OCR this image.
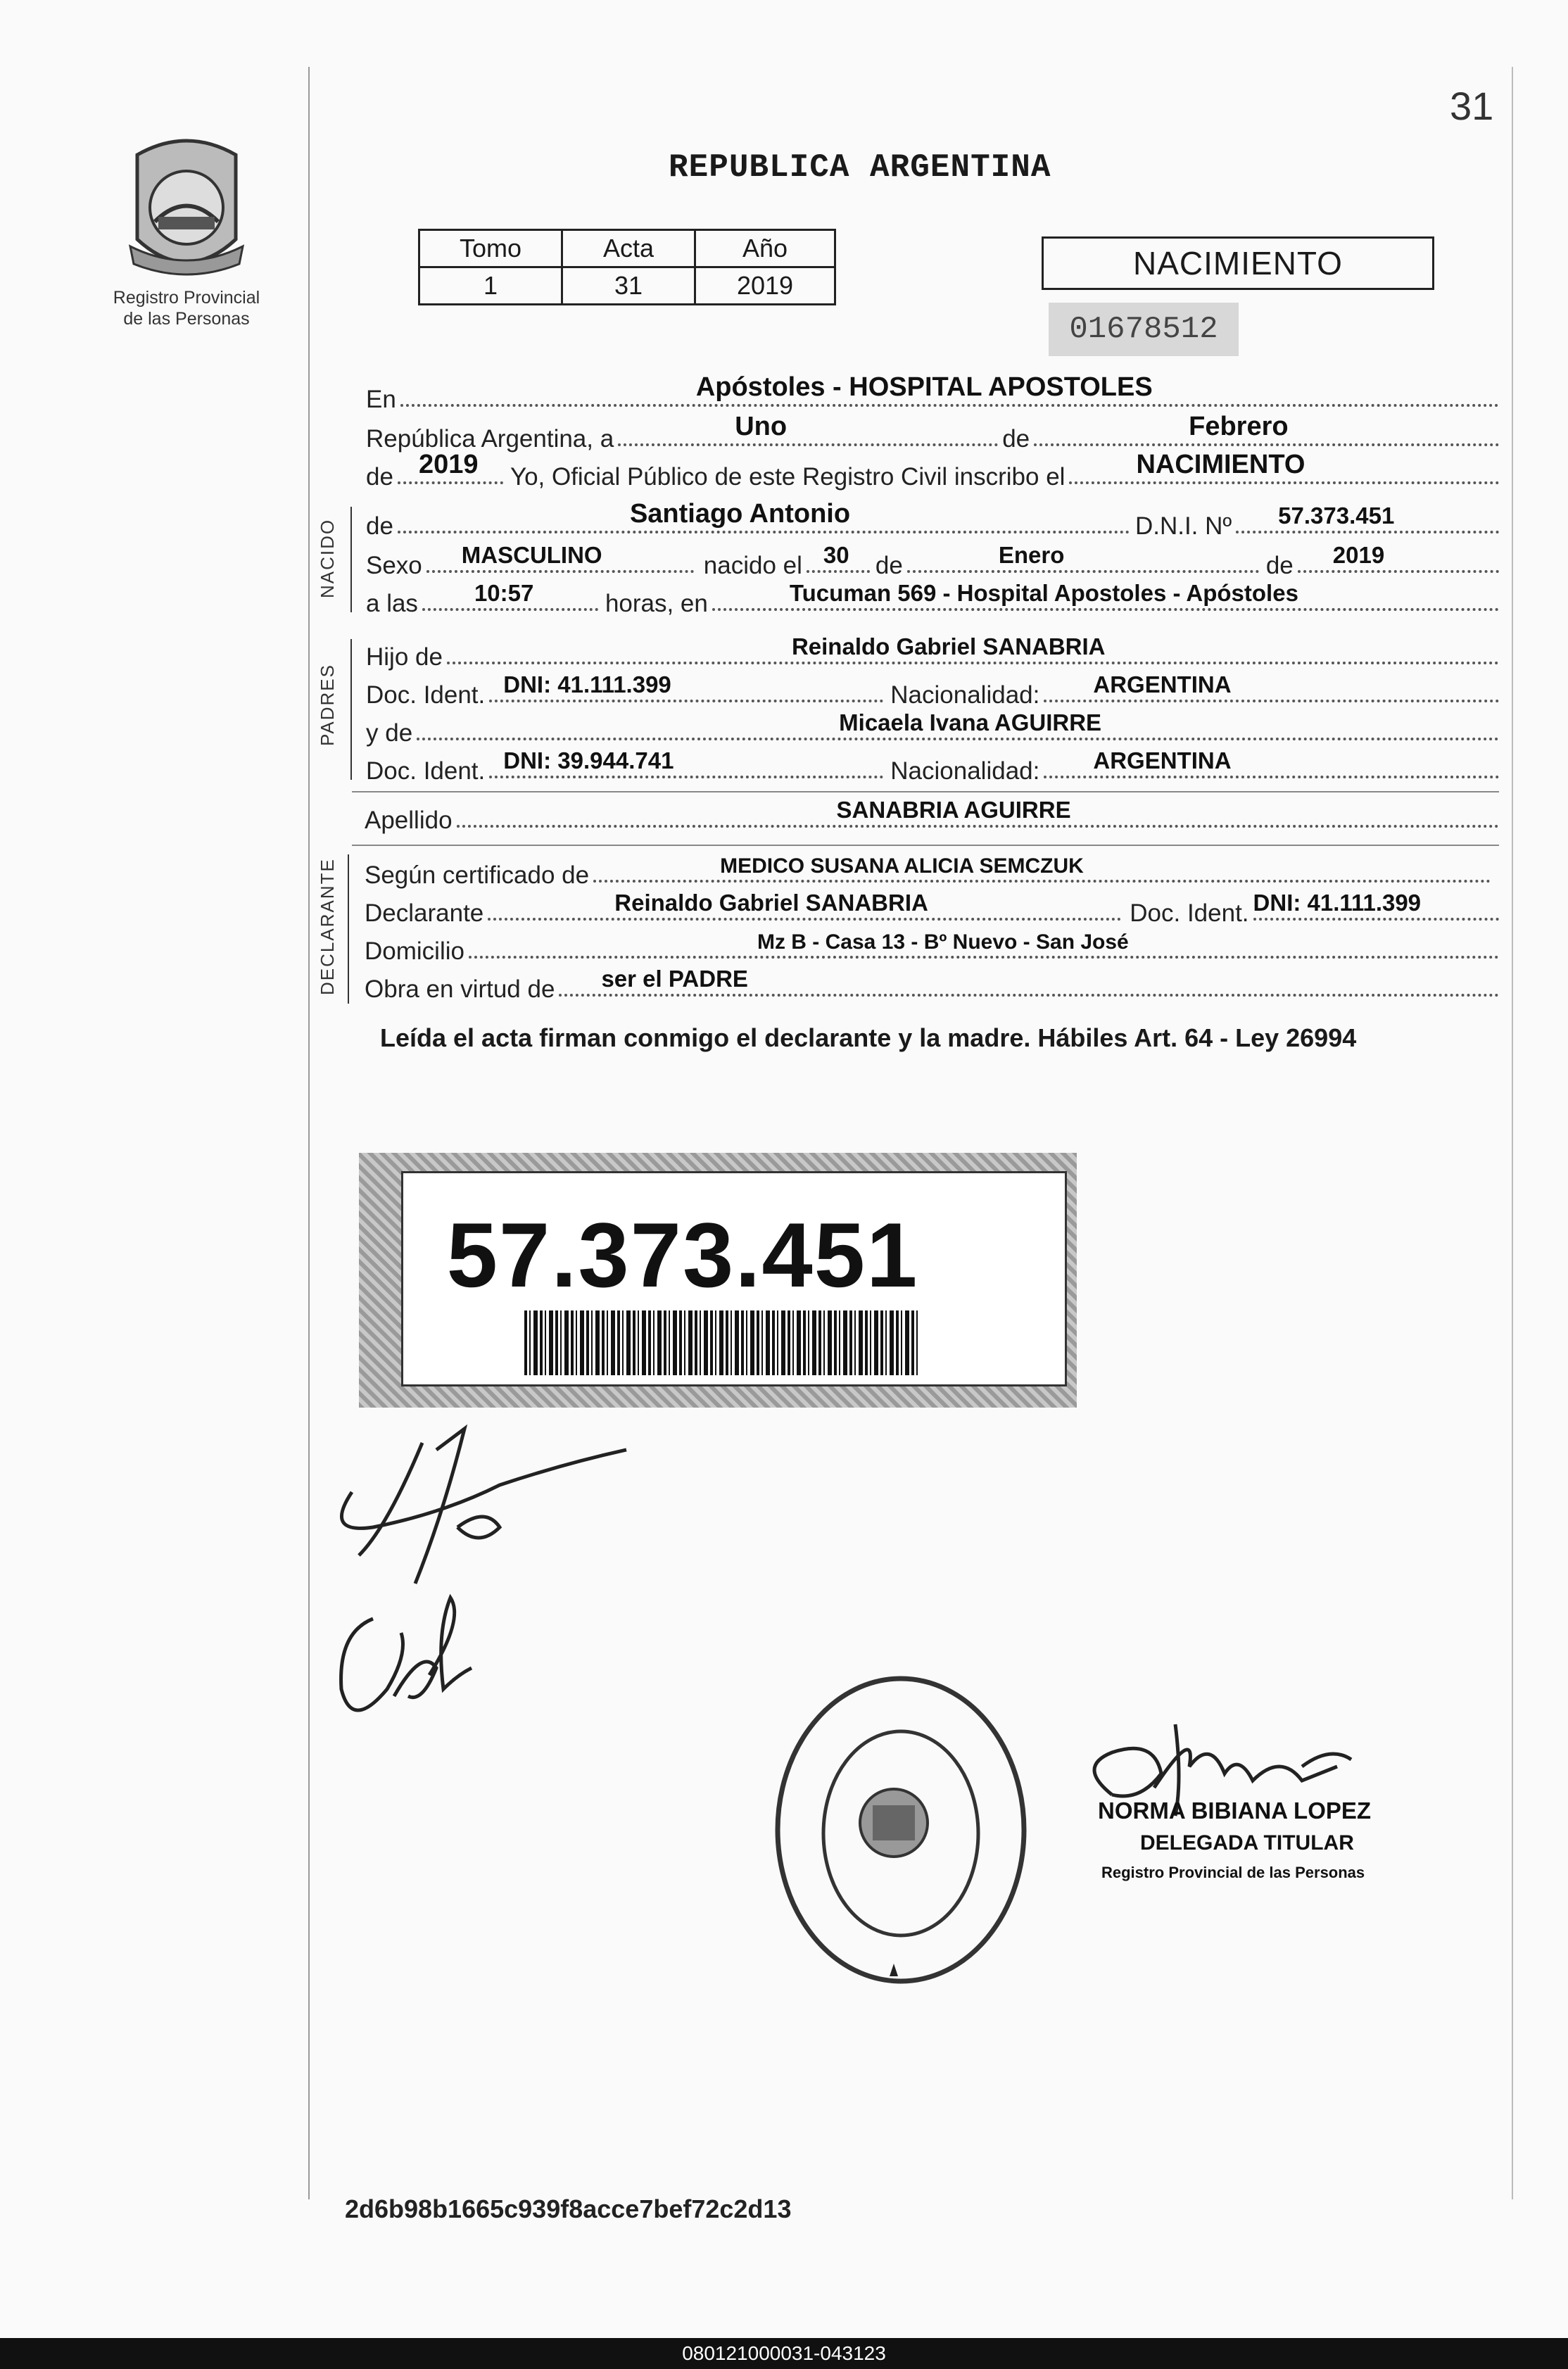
Registro Provincial
de las Personas
31
REPUBLICA ARGENTINA
Tomo	Acta	Año
1	31	2019
NACIMIENTO
01678512
En	Apóstoles - HOSPITAL APOSTOLES
República Argentina, a	Uno	de	Febrero
de 2019 Yo, Oficial Público de este Registro Civil inscribo el	NACIMIENTO
NACIDO de	Santiago Antonio	D.N.I. Nº 57.373.451
Sexo MASCULINO	nacido el 30 de	Enero	de 2019
a las 10:57	horas, en	Tucuman 569 - Hospital Apostoles - Apóstoles
PADRES
Hijo de	Reinaldo Gabriel SANABRIA
Doc. Ident. DNI: 41.111.399	Nacionalidad: ARGENTINA
y de	Micaela Ivana AGUIRRE
Doc. Ident. DNI: 39.944.741	Nacionalidad: ARGENTINA
Apellido	SANABRIA AGUIRRE
DECLARANTE Según certificado de	MEDICO SUSANA ALICIA SEMCZUK
Declarante	Reinaldo Gabriel SANABRIA	Doc. Ident. DNI: 41.111.399
Domicilio	Mz B - Casa 13 - Bº Nuevo - San José
Obra en virtud de ser el PADRE
Leída el acta firman conmigo el declarante y la madre. Hábiles Art. 64 - Ley 26994
57.373.451
NORMA BIBIANA LOPEZ
DELEGADA TITULAR
Registro Provincial de las Personas
2d6b98b1665c939f8acce7bef72c2d13
080121000031-043123
